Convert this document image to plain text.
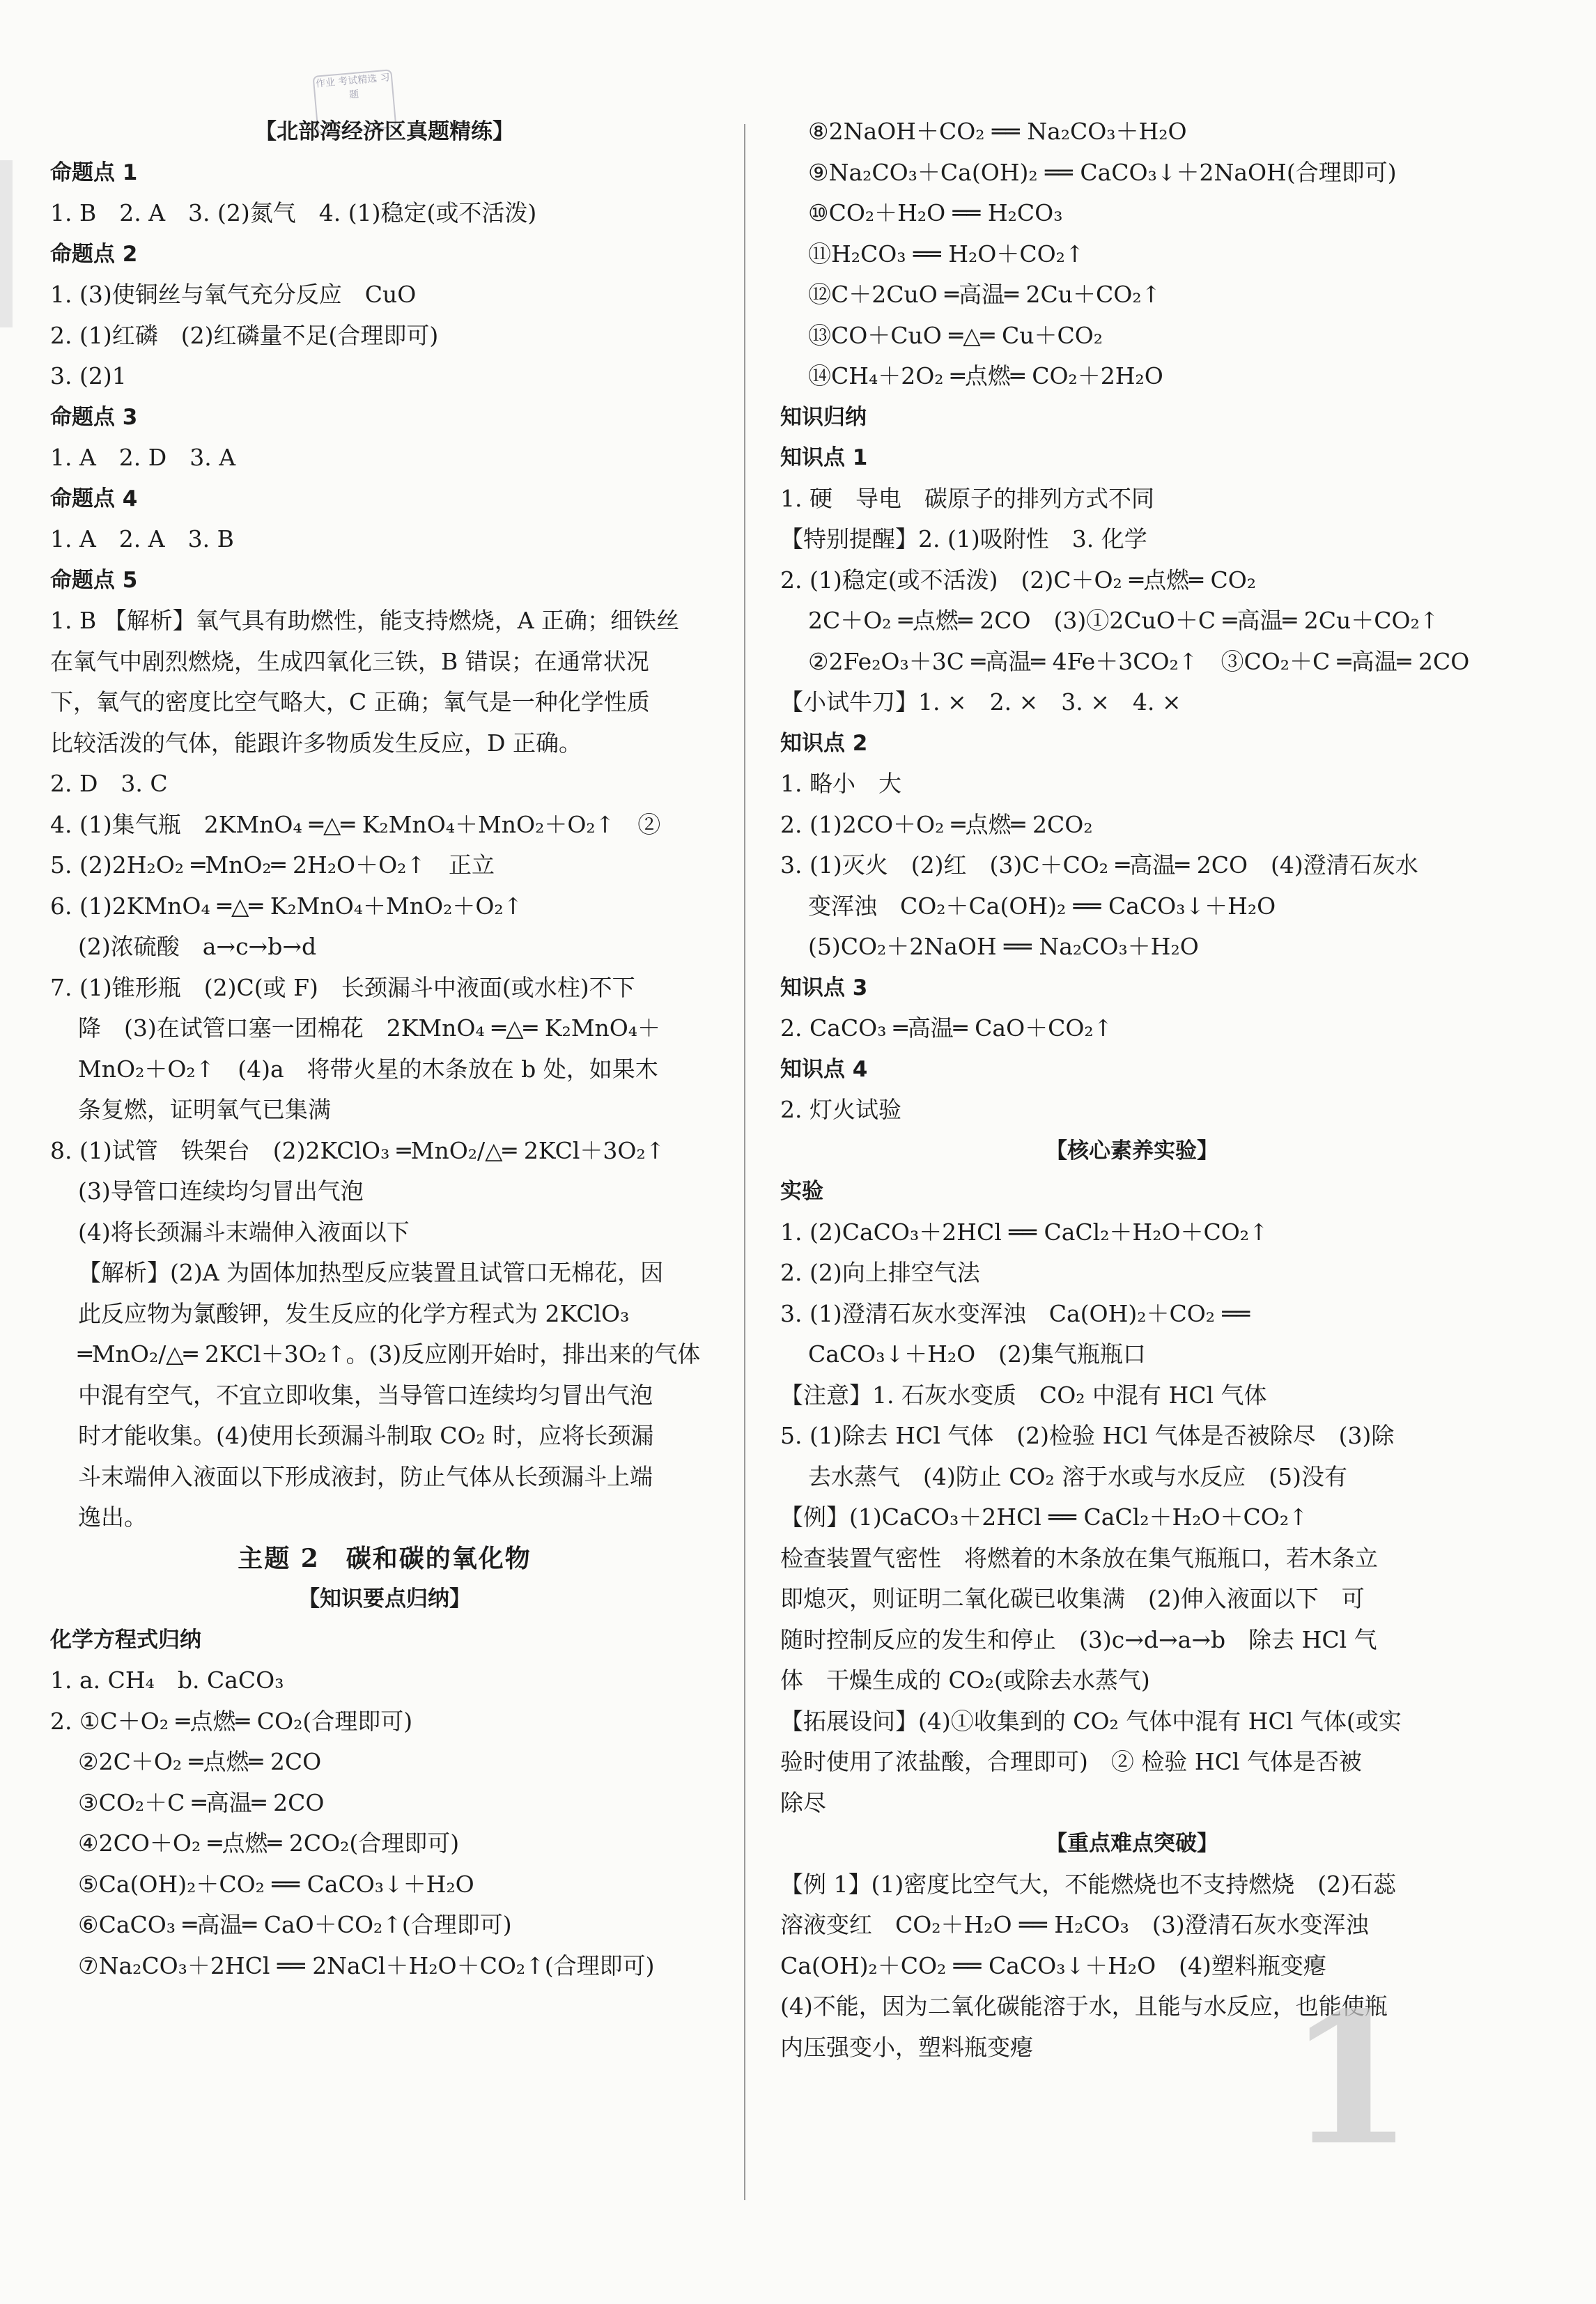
作业 考试精选 习题
【北部湾经济区真题精练】
命题点 1
1. B　2. A　3. (2)氮气　4. (1)稳定(或不活泼)
命题点 2
1. (3)使铜丝与氧气充分反应　CuO
2. (1)红磷　(2)红磷量不足(合理即可)
3. (2)1
命题点 3
1. A　2. D　3. A
命题点 4
1. A　2. A　3. B
命题点 5
1. B 【解析】氧气具有助燃性，能支持燃烧，A 正确；细铁丝
在氧气中剧烈燃烧，生成四氧化三铁，B 错误；在通常状况
下，氧气的密度比空气略大，C 正确；氧气是一种化学性质
比较活泼的气体，能跟许多物质发生反应，D 正确。
2. D　3. C
4. (1)集气瓶　2KMnO₄ ═△═ K₂MnO₄＋MnO₂＋O₂↑　②
5. (2)2H₂O₂ ═MnO₂═ 2H₂O＋O₂↑　正立
6. (1)2KMnO₄ ═△═ K₂MnO₄＋MnO₂＋O₂↑
(2)浓硫酸　a→c→b→d
7. (1)锥形瓶　(2)C(或 F)　长颈漏斗中液面(或水柱)不下
降　(3)在试管口塞一团棉花　2KMnO₄ ═△═ K₂MnO₄＋
MnO₂＋O₂↑　(4)a　将带火星的木条放在 b 处，如果木
条复燃，证明氧气已集满
8. (1)试管　铁架台　(2)2KClO₃ ═MnO₂/△═ 2KCl＋3O₂↑
(3)导管口连续均匀冒出气泡
(4)将长颈漏斗末端伸入液面以下
【解析】(2)A 为固体加热型反应装置且试管口无棉花，因
此反应物为氯酸钾，发生反应的化学方程式为 2KClO₃
═MnO₂/△═ 2KCl＋3O₂↑。(3)反应刚开始时，排出来的气体
中混有空气，不宜立即收集，当导管口连续均匀冒出气泡
时才能收集。(4)使用长颈漏斗制取 CO₂ 时，应将长颈漏
斗末端伸入液面以下形成液封，防止气体从长颈漏斗上端
逸出。
主题 2　碳和碳的氧化物
【知识要点归纳】
化学方程式归纳
1. a. CH₄　b. CaCO₃
2. ①C＋O₂ ═点燃═ CO₂(合理即可)
②2C＋O₂ ═点燃═ 2CO
③CO₂＋C ═高温═ 2CO
④2CO＋O₂ ═点燃═ 2CO₂(合理即可)
⑤Ca(OH)₂＋CO₂ ══ CaCO₃↓＋H₂O
⑥CaCO₃ ═高温═ CaO＋CO₂↑(合理即可)
⑦Na₂CO₃＋2HCl ══ 2NaCl＋H₂O＋CO₂↑(合理即可)
⑧2NaOH＋CO₂ ══ Na₂CO₃＋H₂O
⑨Na₂CO₃＋Ca(OH)₂ ══ CaCO₃↓＋2NaOH(合理即可)
⑩CO₂＋H₂O ══ H₂CO₃
⑪H₂CO₃ ══ H₂O＋CO₂↑
⑫C＋2CuO ═高温═ 2Cu＋CO₂↑
⑬CO＋CuO ═△═ Cu＋CO₂
⑭CH₄＋2O₂ ═点燃═ CO₂＋2H₂O
知识归纳
知识点 1
1. 硬　导电　碳原子的排列方式不同
【特别提醒】2. (1)吸附性　3. 化学
2. (1)稳定(或不活泼)　(2)C＋O₂ ═点燃═ CO₂
2C＋O₂ ═点燃═ 2CO　(3)①2CuO＋C ═高温═ 2Cu＋CO₂↑
②2Fe₂O₃＋3C ═高温═ 4Fe＋3CO₂↑　③CO₂＋C ═高温═ 2CO
【小试牛刀】1. ×　2. ×　3. ×　4. ×
知识点 2
1. 略小　大
2. (1)2CO＋O₂ ═点燃═ 2CO₂
3. (1)灭火　(2)红　(3)C＋CO₂ ═高温═ 2CO　(4)澄清石灰水
变浑浊　CO₂＋Ca(OH)₂ ══ CaCO₃↓＋H₂O
(5)CO₂＋2NaOH ══ Na₂CO₃＋H₂O
知识点 3
2. CaCO₃ ═高温═ CaO＋CO₂↑
知识点 4
2. 灯火试验
【核心素养实验】
实验
1. (2)CaCO₃＋2HCl ══ CaCl₂＋H₂O＋CO₂↑
2. (2)向上排空气法
3. (1)澄清石灰水变浑浊　Ca(OH)₂＋CO₂ ══
CaCO₃↓＋H₂O　(2)集气瓶瓶口
【注意】1. 石灰水变质　CO₂ 中混有 HCl 气体
5. (1)除去 HCl 气体　(2)检验 HCl 气体是否被除尽　(3)除
去水蒸气　(4)防止 CO₂ 溶于水或与水反应　(5)没有
【例】(1)CaCO₃＋2HCl ══ CaCl₂＋H₂O＋CO₂↑
检查装置气密性　将燃着的木条放在集气瓶瓶口，若木条立
即熄灭，则证明二氧化碳已收集满　(2)伸入液面以下　可
随时控制反应的发生和停止　(3)c→d→a→b　除去 HCl 气
体　干燥生成的 CO₂(或除去水蒸气)
【拓展设问】(4)①收集到的 CO₂ 气体中混有 HCl 气体(或实
验时使用了浓盐酸，合理即可)　② 检验 HCl 气体是否被
除尽
【重点难点突破】
【例 1】(1)密度比空气大，不能燃烧也不支持燃烧　(2)石蕊
溶液变红　CO₂＋H₂O ══ H₂CO₃　(3)澄清石灰水变浑浊
Ca(OH)₂＋CO₂ ══ CaCO₃↓＋H₂O　(4)塑料瓶变瘪
(4)不能，因为二氧化碳能溶于水，且能与水反应，也能使瓶
内压强变小，塑料瓶变瘪	1
